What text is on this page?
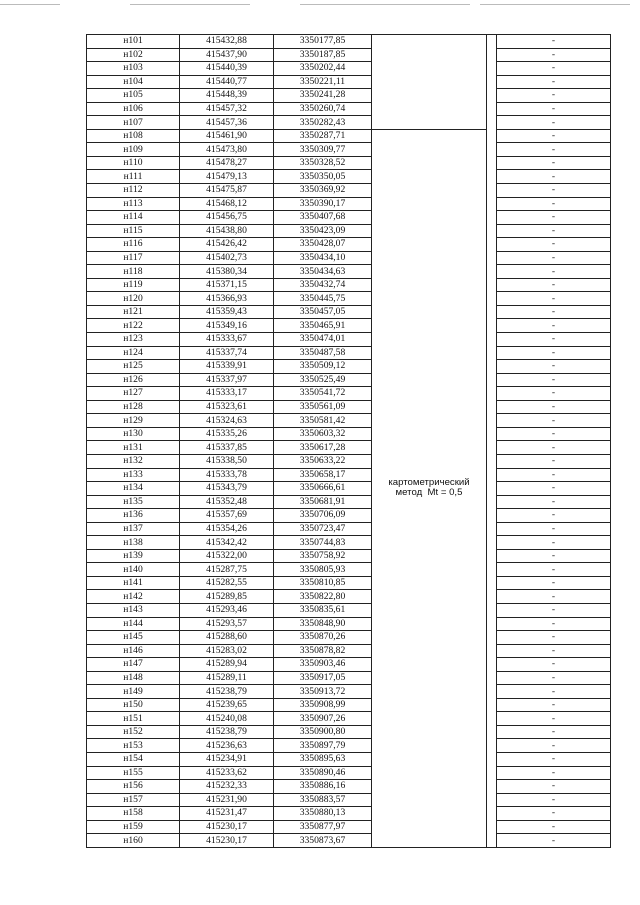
н101	415432,88	3350177,85			-
н102	415437,90	3350187,85			-
н103	415440,39	3350202,44			-
н104	415440,77	3350221,11			-
н105	415448,39	3350241,28			-
н106	415457,32	3350260,74			-
н107	415457,36	3350282,43			-
н108	415461,90	3350287,71	картометрический
метод  Mt = 0,5		-
н109	415473,80	3350309,77			-
н110	415478,27	3350328,52			-
н111	415479,13	3350350,05			-
н112	415475,87	3350369,92			-
н113	415468,12	3350390,17			-
н114	415456,75	3350407,68			-
н115	415438,80	3350423,09			-
н116	415426,42	3350428,07			-
н117	415402,73	3350434,10			-
н118	415380,34	3350434,63			-
н119	415371,15	3350432,74			-
н120	415366,93	3350445,75			-
н121	415359,43	3350457,05			-
н122	415349,16	3350465,91			-
н123	415333,67	3350474,01			-
н124	415337,74	3350487,58			-
н125	415339,91	3350509,12			-
н126	415337,97	3350525,49			-
н127	415333,17	3350541,72			-
н128	415323,61	3350561,09			-
н129	415324,63	3350581,42			-
н130	415335,26	3350603,32			-
н131	415337,85	3350617,28			-
н132	415338,50	3350633,22			-
н133	415333,78	3350658,17			-
н134	415343,79	3350666,61			-
н135	415352,48	3350681,91			-
н136	415357,69	3350706,09			-
н137	415354,26	3350723,47			-
н138	415342,42	3350744,83			-
н139	415322,00	3350758,92			-
н140	415287,75	3350805,93			-
н141	415282,55	3350810,85			-
н142	415289,85	3350822,80			-
н143	415293,46	3350835,61			-
н144	415293,57	3350848,90			-
н145	415288,60	3350870,26			-
н146	415283,02	3350878,82			-
н147	415289,94	3350903,46			-
н148	415289,11	3350917,05			-
н149	415238,79	3350913,72			-
н150	415239,65	3350908,99			-
н151	415240,08	3350907,26			-
н152	415238,79	3350900,80			-
н153	415236,63	3350897,79			-
н154	415234,91	3350895,63			-
н155	415233,62	3350890,46			-
н156	415232,33	3350886,16			-
н157	415231,90	3350883,57			-
н158	415231,47	3350880,13			-
н159	415230,17	3350877,97			-
н160	415230,17	3350873,67			-
